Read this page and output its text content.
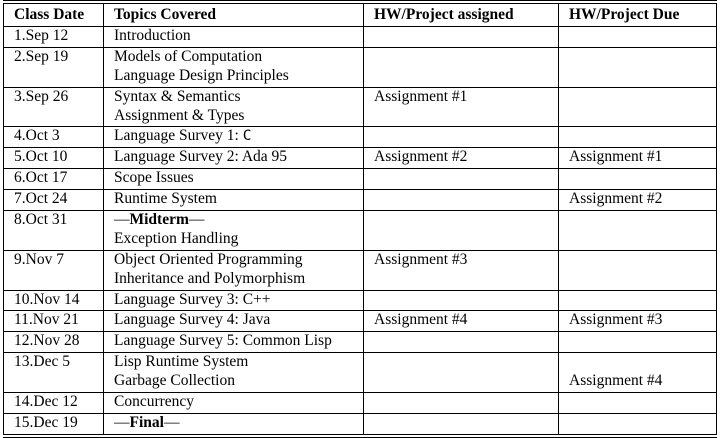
Class Date	Topics Covered	HW/Project assigned	HW/Project Due

1.Sep 12	Introduction		

2.Sep 19	Models of Computation
Language Design Principles		

3.Sep 26	Syntax & Semantics
Assignment & Types	Assignment #1	

4.Oct 3	Language Survey 1: C		

5.Oct 10	Language Survey 2: Ada 95	Assignment #2	Assignment #1

6.Oct 17	Scope Issues		

7.Oct 24	Runtime System		Assignment #2

8.Oct 31	—Midterm—
Exception Handling		

9.Nov 7	Object Oriented Programming
Inheritance and Polymorphism	Assignment #3	

10.Nov 14	Language Survey 3: C++		

11.Nov 21	Language Survey 4: Java	Assignment #4	Assignment #3

12.Nov 28	Language Survey 5: Common Lisp		

13.Dec 5	Lisp Runtime System
Garbage Collection		Assignment #4

14.Dec 12	Concurrency		

15.Dec 19	—Final—		
